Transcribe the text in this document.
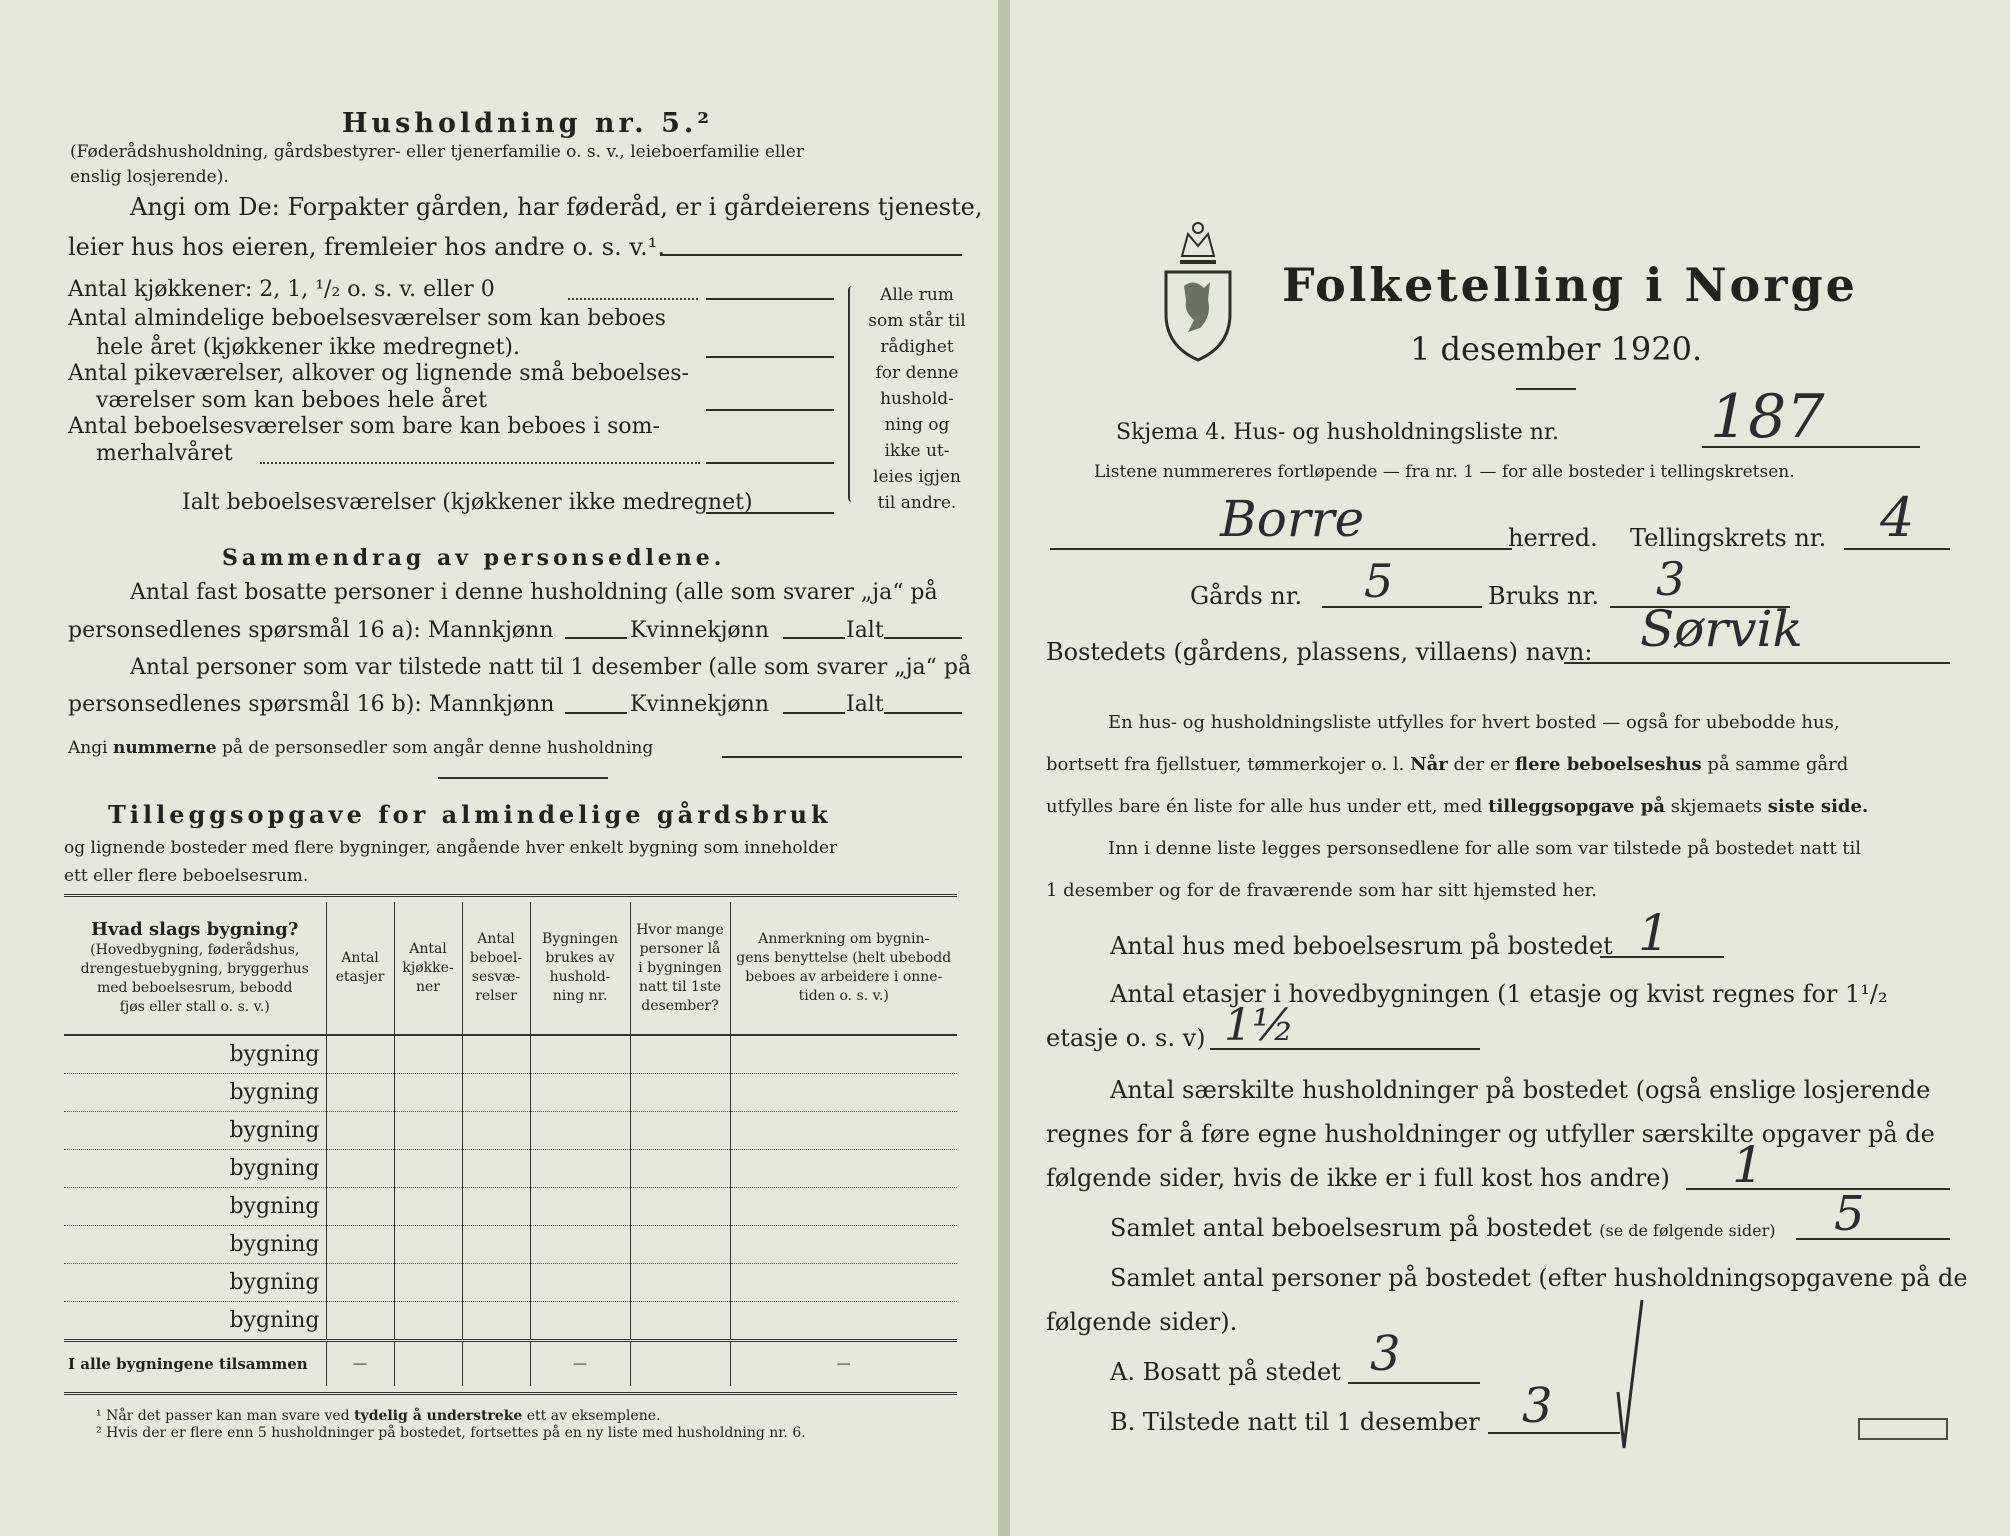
Husholdning nr. 5.²
(Føderådshusholdning, gårdsbestyrer- eller tjenerfamilie o. s. v., leieboerfamilie eller
enslig losjerende).
Angi om De: Forpakter gården, har føderåd, er i gårdeierens tjeneste,
leier hus hos eieren, fremleier hos andre o. s. v.¹.
Antal kjøkkener: 2, 1, ¹/₂ o. s. v. eller 0
Antal almindelige beboelsesværelser som kan beboes
hele året (kjøkkener ikke medregnet).
Antal pikeværelser, alkover og lignende små beboelses-
værelser som kan beboes hele året
Antal beboelsesværelser som bare kan beboes i som-
merhalvåret
Ialt beboelsesværelser (kjøkkener ikke medregnet)
Alle rum
som står til
rådighet
for denne
hushold-
ning og
ikke ut-
leies igjen
til andre.
Sammendrag av personsedlene.
Antal fast bosatte personer i denne husholdning (alle som svarer „ja“ på
personsedlenes spørsmål 16 a): Mannkjønn	Kvinnekjønn	Ialt
Antal personer som var tilstede natt til 1 desember (alle som svarer „ja“ på
personsedlenes spørsmål 16 b): Mannkjønn	Kvinnekjønn	Ialt
Angi nummerne på de personsedler som angår denne husholdning
Tilleggsopgave for almindelige gårdsbruk
og lignende bosteder med flere bygninger, angående hver enkelt bygning som inneholder
ett eller flere beboelsesrum.
Hvad slags bygning?
(Hovedbygning, føderådshus,
drengestuebygning, bryggerhus
med beboelsesrum, bebodd
fjøs eller stall o. s. v.)	Antal
etasjer	Antal
kjøkke-
ner	Antal
beboel-
sesvæ-
relser	Bygningen
brukes av
hushold-
ning nr.	Hvor mange
personer lå
i bygningen
natt til 1ste
desember?	Anmerkning om bygnin-
gens benyttelse (helt ubebodd
beboes av arbeidere i onne-
tiden o. s. v.)
bygning						
bygning						
bygning						
bygning						
bygning						
bygning						
bygning						
bygning						
I alle bygningene tilsammen	—			—		—
¹ Når det passer kan man svare ved tydelig å understreke ett av eksemplene.
² Hvis der er flere enn 5 husholdninger på bostedet, fortsettes på en ny liste med husholdning nr. 6.
Folketelling i Norge
1 desember 1920.
Skjema 4. Hus- og husholdningsliste nr.	187
Listene nummereres fortløpende — fra nr. 1 — for alle bosteder i tellingskretsen.
Borre	herred. Tellingskrets nr. 4
Gårds nr. 5	Bruks nr. 3
Bostedets (gårdens, plassens, villaens) navn: Sørvik
En hus- og husholdningsliste utfylles for hvert bosted — også for ubebodde hus,
bortsett fra fjellstuer, tømmerkojer o. l. Når der er flere beboelseshus på samme gård
utfylles bare én liste for alle hus under ett, med tilleggsopgave på skjemaets siste side.
Inn i denne liste legges personsedlene for alle som var tilstede på bostedet natt til
1 desember og for de fraværende som har sitt hjemsted her.
Antal hus med beboelsesrum på bostedet 1
Antal etasjer i hovedbygningen (1 etasje og kvist regnes for 1¹/₂
etasje o. s. v) 1½
Antal særskilte husholdninger på bostedet (også enslige losjerende
regnes for å føre egne husholdninger og utfyller særskilte opgaver på de
følgende sider, hvis de ikke er i full kost hos andre) 1
Samlet antal beboelsesrum på bostedet (se de følgende sider) 5
Samlet antal personer på bostedet (efter husholdningsopgavene på de
følgende sider).
A. Bosatt på stedet 3
B. Tilstede natt til 1 desember 3
